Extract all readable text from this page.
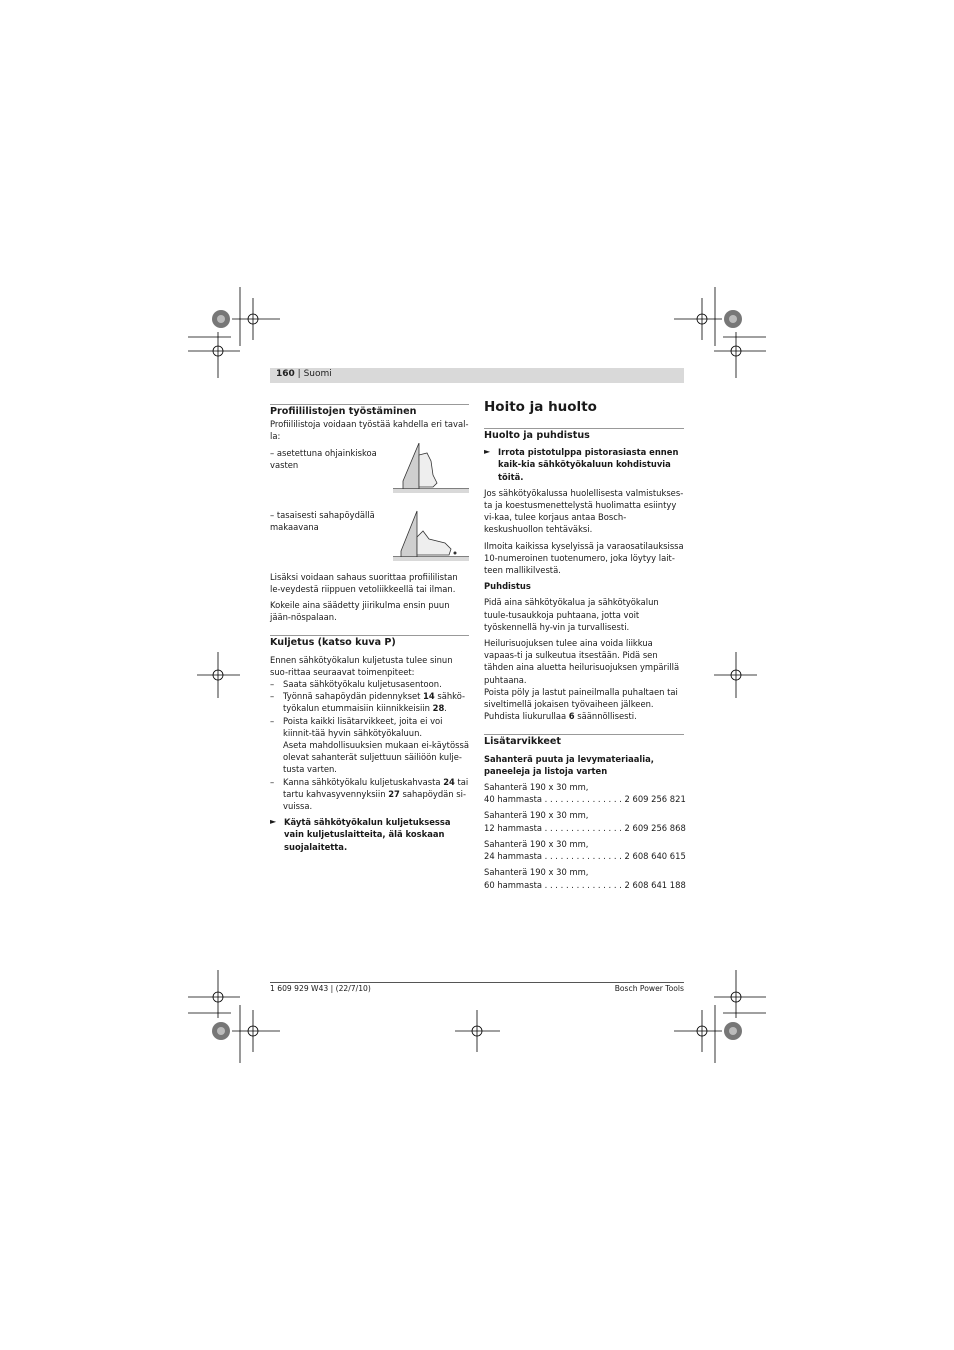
160 | Suomi
Profiililistojen työstäminen

Profiililistoja voidaan työstää kahdella eri taval-la:

– asetettuna ohjainkiskoa vasten
– tasaisesti sahapöydällä makaavana

Lisäksi voidaan sahaus suorittaa profiililistan le-veydestä riippuen vetoliikkeellä tai ilman.

Kokeile aina säädetty jiirikulma ensin puun jään-nöspalaan.

Kuljetus (katso kuva P)

Ennen sähkötyökalun kuljetusta tulee sinun suo-rittaa seuraavat toimenpiteet:

–	Saata sähkötyökalu kuljetusasentoon.
–	Työnnä sahapöydän pidennykset 14 sähkö-työkalun etummaisiin kiinnikkeisiin 28.
–	Poista kaikki lisätarvikkeet, joita ei voi kiinnit-tää hyvin sähkötyökaluun.
Aseta mahdollisuuksien mukaan ei-käytössä olevat sahanterät suljettuun säiliöön kulje-tusta varten.
–	Kanna sähkötyökalu kuljetuskahvasta 24 tai tartu kahvasyvennyksiin 27 sahapöydän si-vuissa.
► Käytä sähkötyökalun kuljetuksessa vain kuljetuslaitteita, älä koskaan suojalaitetta.
Hoito ja huolto
Huolto ja puhdistus
► Irrota pistotulppa pistorasiasta ennen kaik-kia sähkötyökaluun kohdistuvia töitä.

Jos sähkötyökalussa huolellisesta valmistukses-ta ja koestusmenettelystä huolimatta esiintyy vi-kaa, tulee korjaus antaa Bosch-keskushuollon tehtäväksi.

Ilmoita kaikissa kyselyissä ja varaosatilauksissa 10-numeroinen tuotenumero, joka löytyy lait-teen mallikilvestä.

Puhdistus

Pidä aina sähkötyökalua ja sähkötyökalun tuule-tusaukkoja puhtaana, jotta voit työskennellä hy-vin ja turvallisesti.

Heilurisuojuksen tulee aina voida liikkua vapaas-ti ja sulkeutua itsestään. Pidä sen tähden aina aluetta heilurisuojuksen ympärillä puhtaana.

Poista pöly ja lastut paineilmalla puhaltaen tai siveltimellä jokaisen työvaiheen jälkeen.

Puhdista liukurullaa 6 säännöllisesti.

Lisätarvikkeet

Sahanterä puuta ja levymateriaalia, paneeleja ja listoja varten

Sahanterä 190 x 30 mm,

40 hammasta . . . . . . . . . . . . . . . 2 609 256 821

Sahanterä 190 x 30 mm,

12 hammasta . . . . . . . . . . . . . . . 2 609 256 868

Sahanterä 190 x 30 mm,

24 hammasta . . . . . . . . . . . . . . . 2 608 640 615

Sahanterä 190 x 30 mm,

60 hammasta . . . . . . . . . . . . . . . 2 608 641 188

1 609 929 W43 | (22/7/10)	Bosch Power Tools
